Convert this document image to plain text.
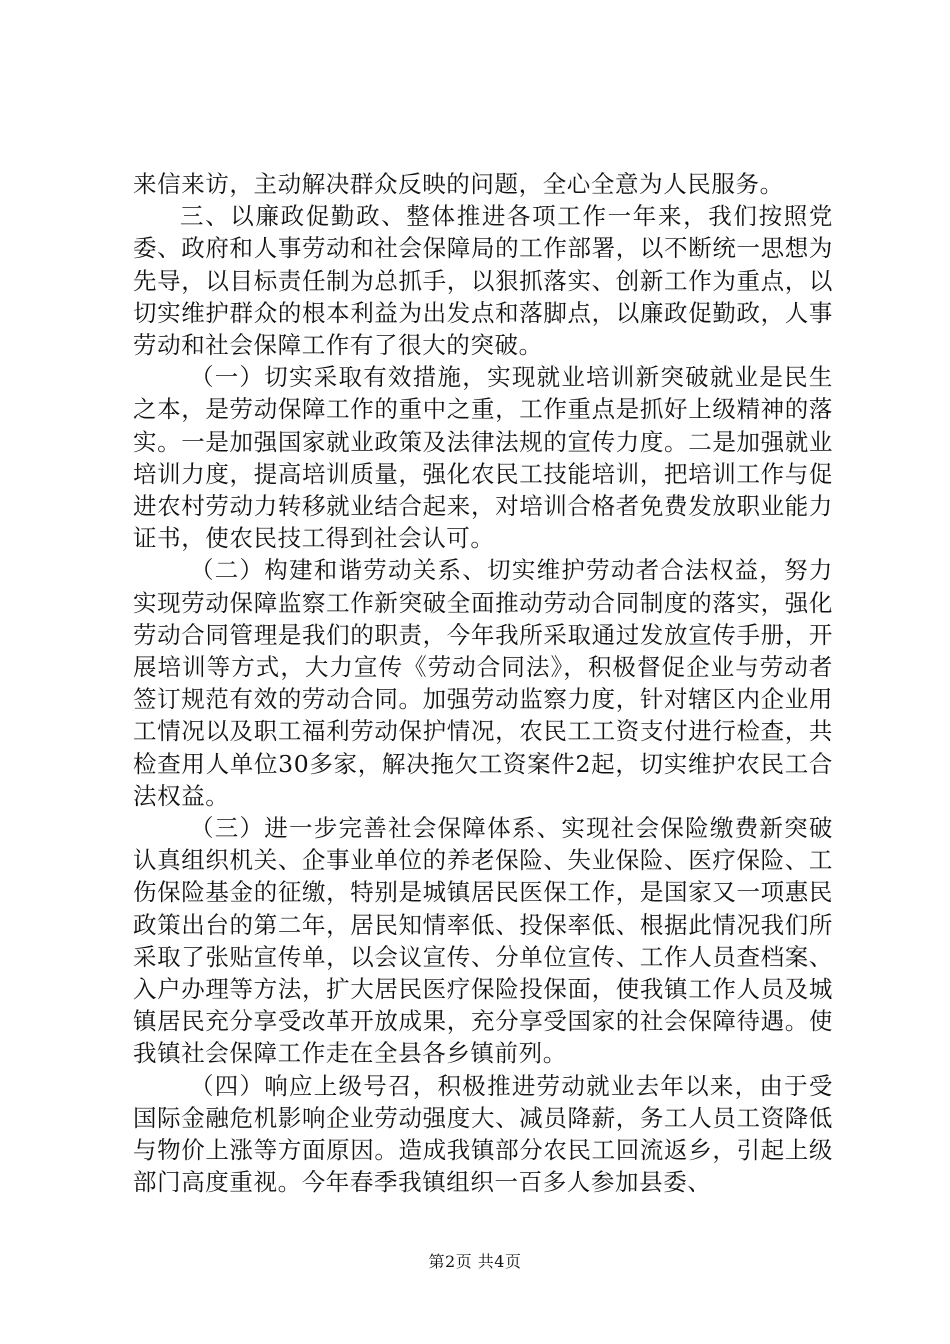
来信来访，主动解决群众反映的问题，全心全意为人民服务。

三、以廉政促勤政、整体推进各项工作一年来，我们按照党委、政府和人事劳动和社会保障局的工作部署，以不断统一思想为先导，以目标责任制为总抓手，以狠抓落实、创新工作为重点，以切实维护群众的根本利益为出发点和落脚点，以廉政促勤政，人事劳动和社会保障工作有了很大的突破。

（一）切实采取有效措施，实现就业培训新突破就业是民生之本，是劳动保障工作的重中之重，工作重点是抓好上级精神的落实。一是加强国家就业政策及法律法规的宣传力度。二是加强就业培训力度，提高培训质量，强化农民工技能培训，把培训工作与促进农村劳动力转移就业结合起来，对培训合格者免费发放职业能力证书，使农民技工得到社会认可。

（二）构建和谐劳动关系、切实维护劳动者合法权益，努力实现劳动保障监察工作新突破全面推动劳动合同制度的落实，强化劳动合同管理是我们的职责，今年我所采取通过发放宣传手册，开展培训等方式，大力宣传《劳动合同法》，积极督促企业与劳动者签订规范有效的劳动合同。加强劳动监察力度，针对辖区内企业用工情况以及职工福利劳动保护情况，农民工工资支付进行检查，共检查用人单位30多家，解决拖欠工资案件2起，切实维护农民工合法权益。

（三）进一步完善社会保障体系、实现社会保险缴费新突破认真组织机关、企事业单位的养老保险、失业保险、医疗保险、工伤保险基金的征缴，特别是城镇居民医保工作，是国家又一项惠民政策出台的第二年，居民知情率低、投保率低、根据此情况我们所采取了张贴宣传单，以会议宣传、分单位宣传、工作人员查档案、入户办理等方法，扩大居民医疗保险投保面，使我镇工作人员及城镇居民充分享受改革开放成果，充分享受国家的社会保障待遇。使我镇社会保障工作走在全县各乡镇前列。

（四）响应上级号召，积极推进劳动就业去年以来，由于受国际金融危机影响企业劳动强度大、减员降薪，务工人员工资降低与物价上涨等方面原因。造成我镇部分农民工回流返乡，引起上级部门高度重视。今年春季我镇组织一百多人参加县委、

第2页 共4页
